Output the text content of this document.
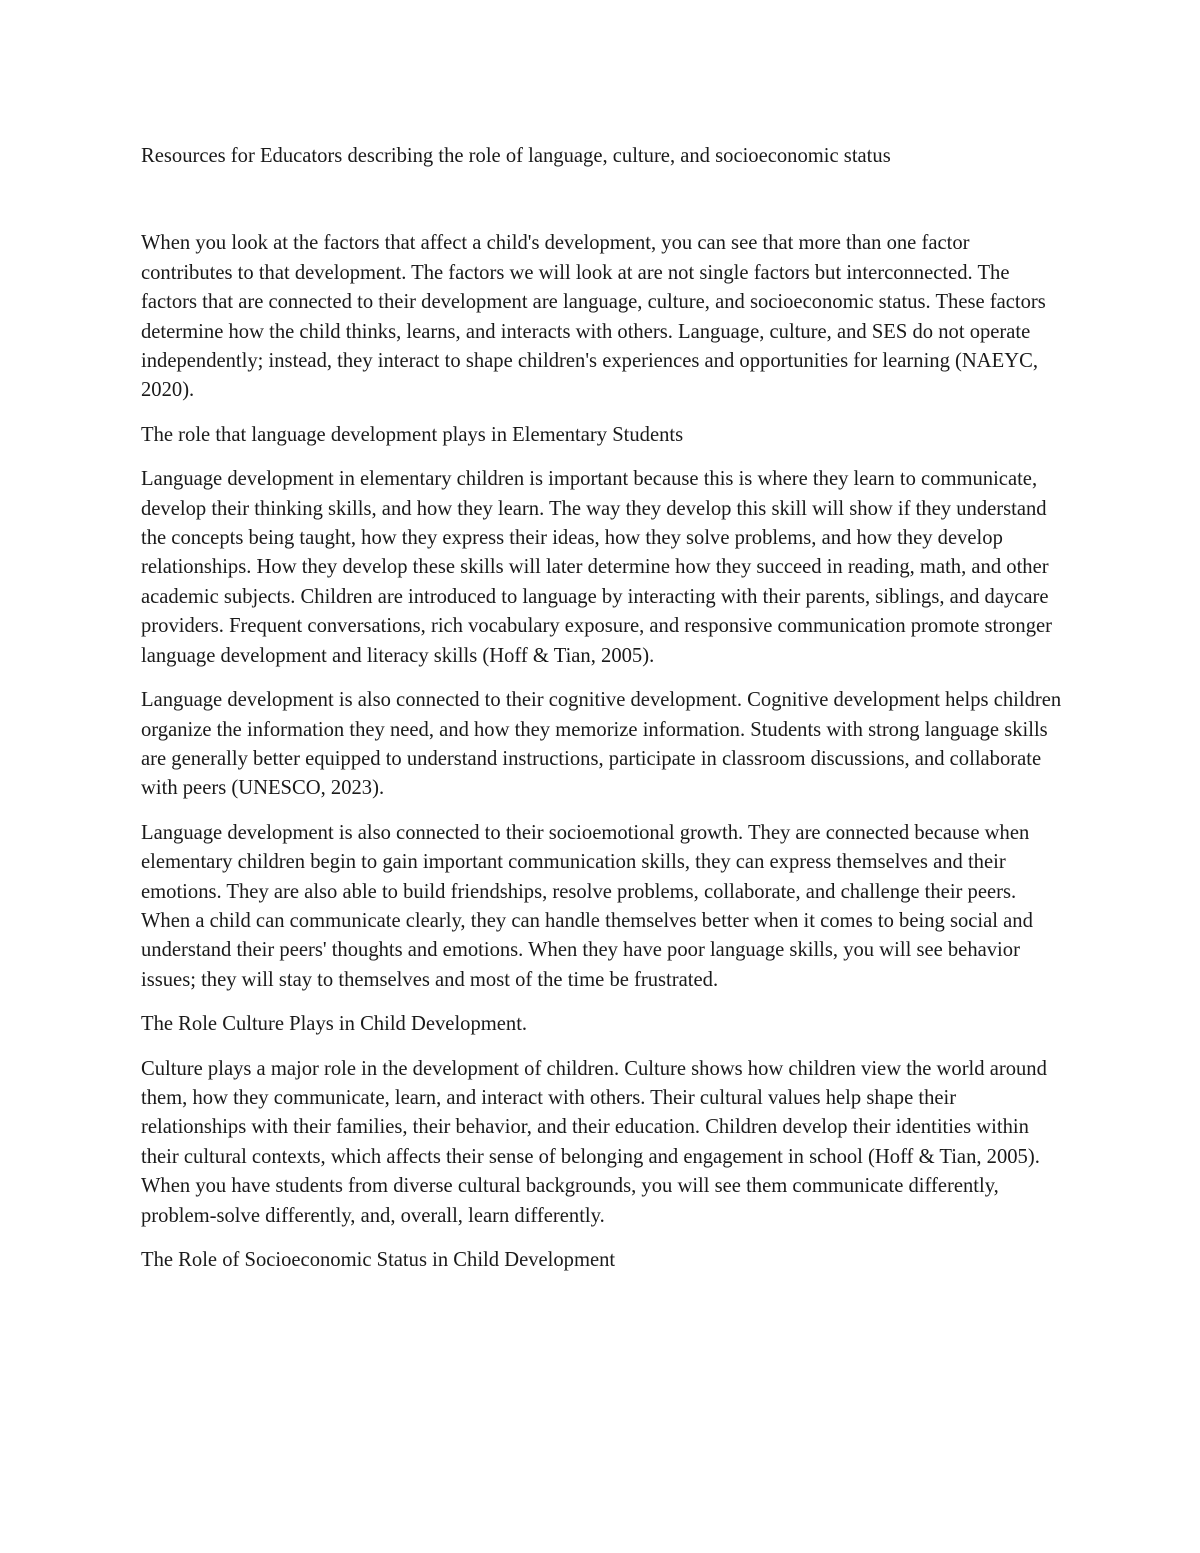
Resources for Educators describing the role of language, culture, and socioeconomic status

When you look at the factors that affect a child's development, you can see that more than one factor contributes to that development. The factors we will look at are not single factors but interconnected. The factors that are connected to their development are language, culture, and socioeconomic status. These factors determine how the child thinks, learns, and interacts with others. Language, culture, and SES do not operate independently; instead, they interact to shape children's experiences and opportunities for learning (NAEYC, 2020).

The role that language development plays in Elementary Students

Language development in elementary children is important because this is where they learn to communicate, develop their thinking skills, and how they learn. The way they develop this skill will show if they understand the concepts being taught, how they express their ideas, how they solve problems, and how they develop relationships. How they develop these skills will later determine how they succeed in reading, math, and other academic subjects. Children are introduced to language by interacting with their parents, siblings, and daycare providers. Frequent conversations, rich vocabulary exposure, and responsive communication promote stronger language development and literacy skills (Hoff & Tian, 2005).

Language development is also connected to their cognitive development. Cognitive development helps children organize the information they need, and how they memorize information. Students with strong language skills are generally better equipped to understand instructions, participate in classroom discussions, and collaborate with peers (UNESCO, 2023).

Language development is also connected to their socioemotional growth. They are connected because when elementary children begin to gain important communication skills, they can express themselves and their emotions. They are also able to build friendships, resolve problems, collaborate, and challenge their peers. When a child can communicate clearly, they can handle themselves better when it comes to being social and understand their peers' thoughts and emotions. When they have poor language skills, you will see behavior issues; they will stay to themselves and most of the time be frustrated.

The Role Culture Plays in Child Development.

Culture plays a major role in the development of children. Culture shows how children view the world around them, how they communicate, learn, and interact with others. Their cultural values help shape their relationships with their families, their behavior, and their education. Children develop their identities within their cultural contexts, which affects their sense of belonging and engagement in school (Hoff & Tian, 2005). When you have students from diverse cultural backgrounds, you will see them communicate differently, problem-solve differently, and, overall, learn differently.

The Role of Socioeconomic Status in Child Development
